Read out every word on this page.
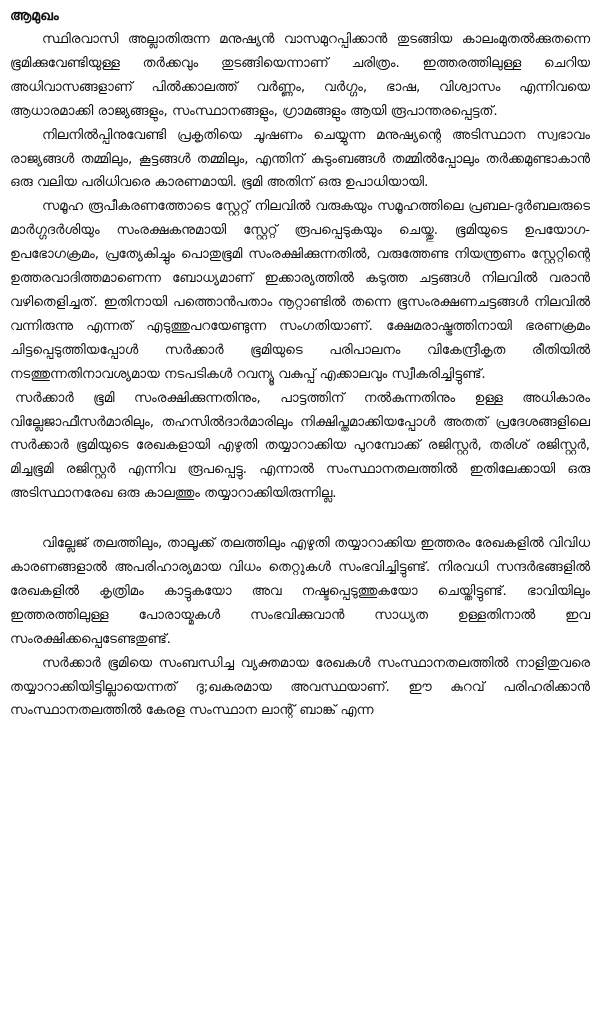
ആമുഖം

സ്ഥിരവാസി അല്ലാതിരുന്ന മനുഷ്യൻ വാസമുറപ്പിക്കാൻ തുടങ്ങിയ കാലംമുതൽക്കുതന്നെ ഭൂമിക്കുവേണ്ടിയുള്ള തർക്കവും തുടങ്ങിയെന്നാണ് ചരിത്രം. ഇത്തരത്തിലുള്ള ചെറിയ അധിവാസങ്ങളാണ് പിൽക്കാലത്ത് വർണ്ണം, വർഗ്ഗം, ഭാഷ, വിശ്വാസം എന്നിവയെ ആധാരമാക്കി രാജ്യങ്ങളും, സംസ്ഥാനങ്ങളും, ഗ്രാമങ്ങളും ആയി രൂപാന്തരപ്പെട്ടത്.

നിലനിൽപ്പിനുവേണ്ടി പ്രകൃതിയെ ചൂഷണം ചെയ്യുന്ന മനുഷ്യന്റെ അടിസ്ഥാന സ്വഭാവം രാജ്യങ്ങൾ തമ്മിലും, കൂട്ടങ്ങൾ തമ്മിലും, എന്തിന് കുടുംബങ്ങൾ തമ്മിൽപ്പോലും തർക്കമുണ്ടാകാൻ ഒരു വലിയ പരിധിവരെ കാരണമായി. ഭൂമി അതിന് ഒരു ഉപാധിയായി.

സമൂഹ രൂപീകരണത്തോടെ സ്റ്റേറ്റ് നിലവിൽ വരുകയും സമൂഹത്തിലെ പ്രബല-ദുർബലരുടെ മാർഗ്ഗദർശിയും സംരക്ഷകനുമായി സ്റ്റേറ്റ് രൂപപ്പെടുകയും ചെയ്തു. ഭൂമിയുടെ ഉപയോഗ-ഉപഭോഗക്രമം, പ്രത്യേകിച്ചും പൊതുഭൂമി സംരക്ഷിക്കുന്നതിൽ, വരുത്തേണ്ട നിയന്ത്രണം സ്റ്റേറ്റിന്റെ ഉത്തരവാദിത്തമാണെന്ന ബോധ്യമാണ് ഇക്കാര്യത്തിൽ കടുത്ത ചട്ടങ്ങൾ നിലവിൽ വരാൻ വഴിതെളിച്ചത്. ഇതിനായി പത്തൊൻപതാം നൂറ്റാണ്ടിൽ തന്നെ ഭൂസംരക്ഷണചട്ടങ്ങൾ നിലവിൽ വന്നിരുന്നു എന്നത് എടുത്തുപറയേണ്ടുന്ന സംഗതിയാണ്. ക്ഷേമരാഷ്ട്രത്തിനായി ഭരണക്രമം ചിട്ടപ്പെടുത്തിയപ്പോൾ സർക്കാർ ഭൂമിയുടെ പരിപാലനം വികേന്ദ്രീകൃത രീതിയിൽ നടത്തുന്നതിനാവശ്യമായ നടപടികൾ റവന്യൂ വകുപ്പ് എക്കാലവും സ്വീകരിച്ചിട്ടുണ്ട്.

സർക്കാർ ഭൂമി സംരക്ഷിക്കുന്നതിനും, പാട്ടത്തിന് നൽകുന്നതിനും ഉള്ള അധികാരം വില്ലേജാഫീസർമാരിലും, തഹസിൽദാർമാരിലും നിക്ഷിപ്തമാക്കിയപ്പോൾ അതത് പ്രദേശങ്ങളിലെ സർക്കാർ ഭൂമിയുടെ രേഖകളായി എഴുതി തയ്യാറാക്കിയ പുറമ്പോക്ക് രജിസ്റ്റർ, തരിശ് രജിസ്റ്റർ, മിച്ചഭൂമി രജിസ്റ്റർ എന്നിവ രൂപപ്പെട്ടു. എന്നാൽ സംസ്ഥാനതലത്തിൽ ഇതിലേക്കായി ഒരു അടിസ്ഥാനരേഖ ഒരു കാലത്തും തയ്യാറാക്കിയിരുന്നില്ല.

വില്ലേജ് തലത്തിലും, താലൂക്ക് തലത്തിലും എഴുതി തയ്യാറാക്കിയ ഇത്തരം രേഖകളിൽ വിവിധ കാരണങ്ങളാൽ അപരിഹാര്യമായ വിധം തെറ്റുകൾ സംഭവിച്ചിട്ടുണ്ട്. നിരവധി സന്ദർഭങ്ങളിൽ രേഖകളിൽ കൃത്രിമം കാട്ടുകയോ അവ നഷ്ടപ്പെടുത്തുകയോ ചെയ്തിട്ടുണ്ട്. ഭാവിയിലും ഇത്തരത്തിലുള്ള പോരായ്മകൾ സംഭവിക്കുവാൻ സാധ്യത ഉള്ളതിനാൽ ഇവ സംരക്ഷിക്കപ്പെടേണ്ടതുണ്ട്.

സർക്കാർ ഭൂമിയെ സംബന്ധിച്ച വ്യക്തമായ രേഖകൾ സംസ്ഥാനതലത്തിൽ നാളിതുവരെ തയ്യാറാക്കിയിട്ടില്ലായെന്നത് ദു;ഖകരമായ അവസ്ഥയാണ്. ഈ കുറവ് പരിഹരിക്കാൻ സംസ്ഥാനതലത്തിൽ കേരള സംസ്ഥാന ലാന്റ് ബാങ്ക് എന്ന
